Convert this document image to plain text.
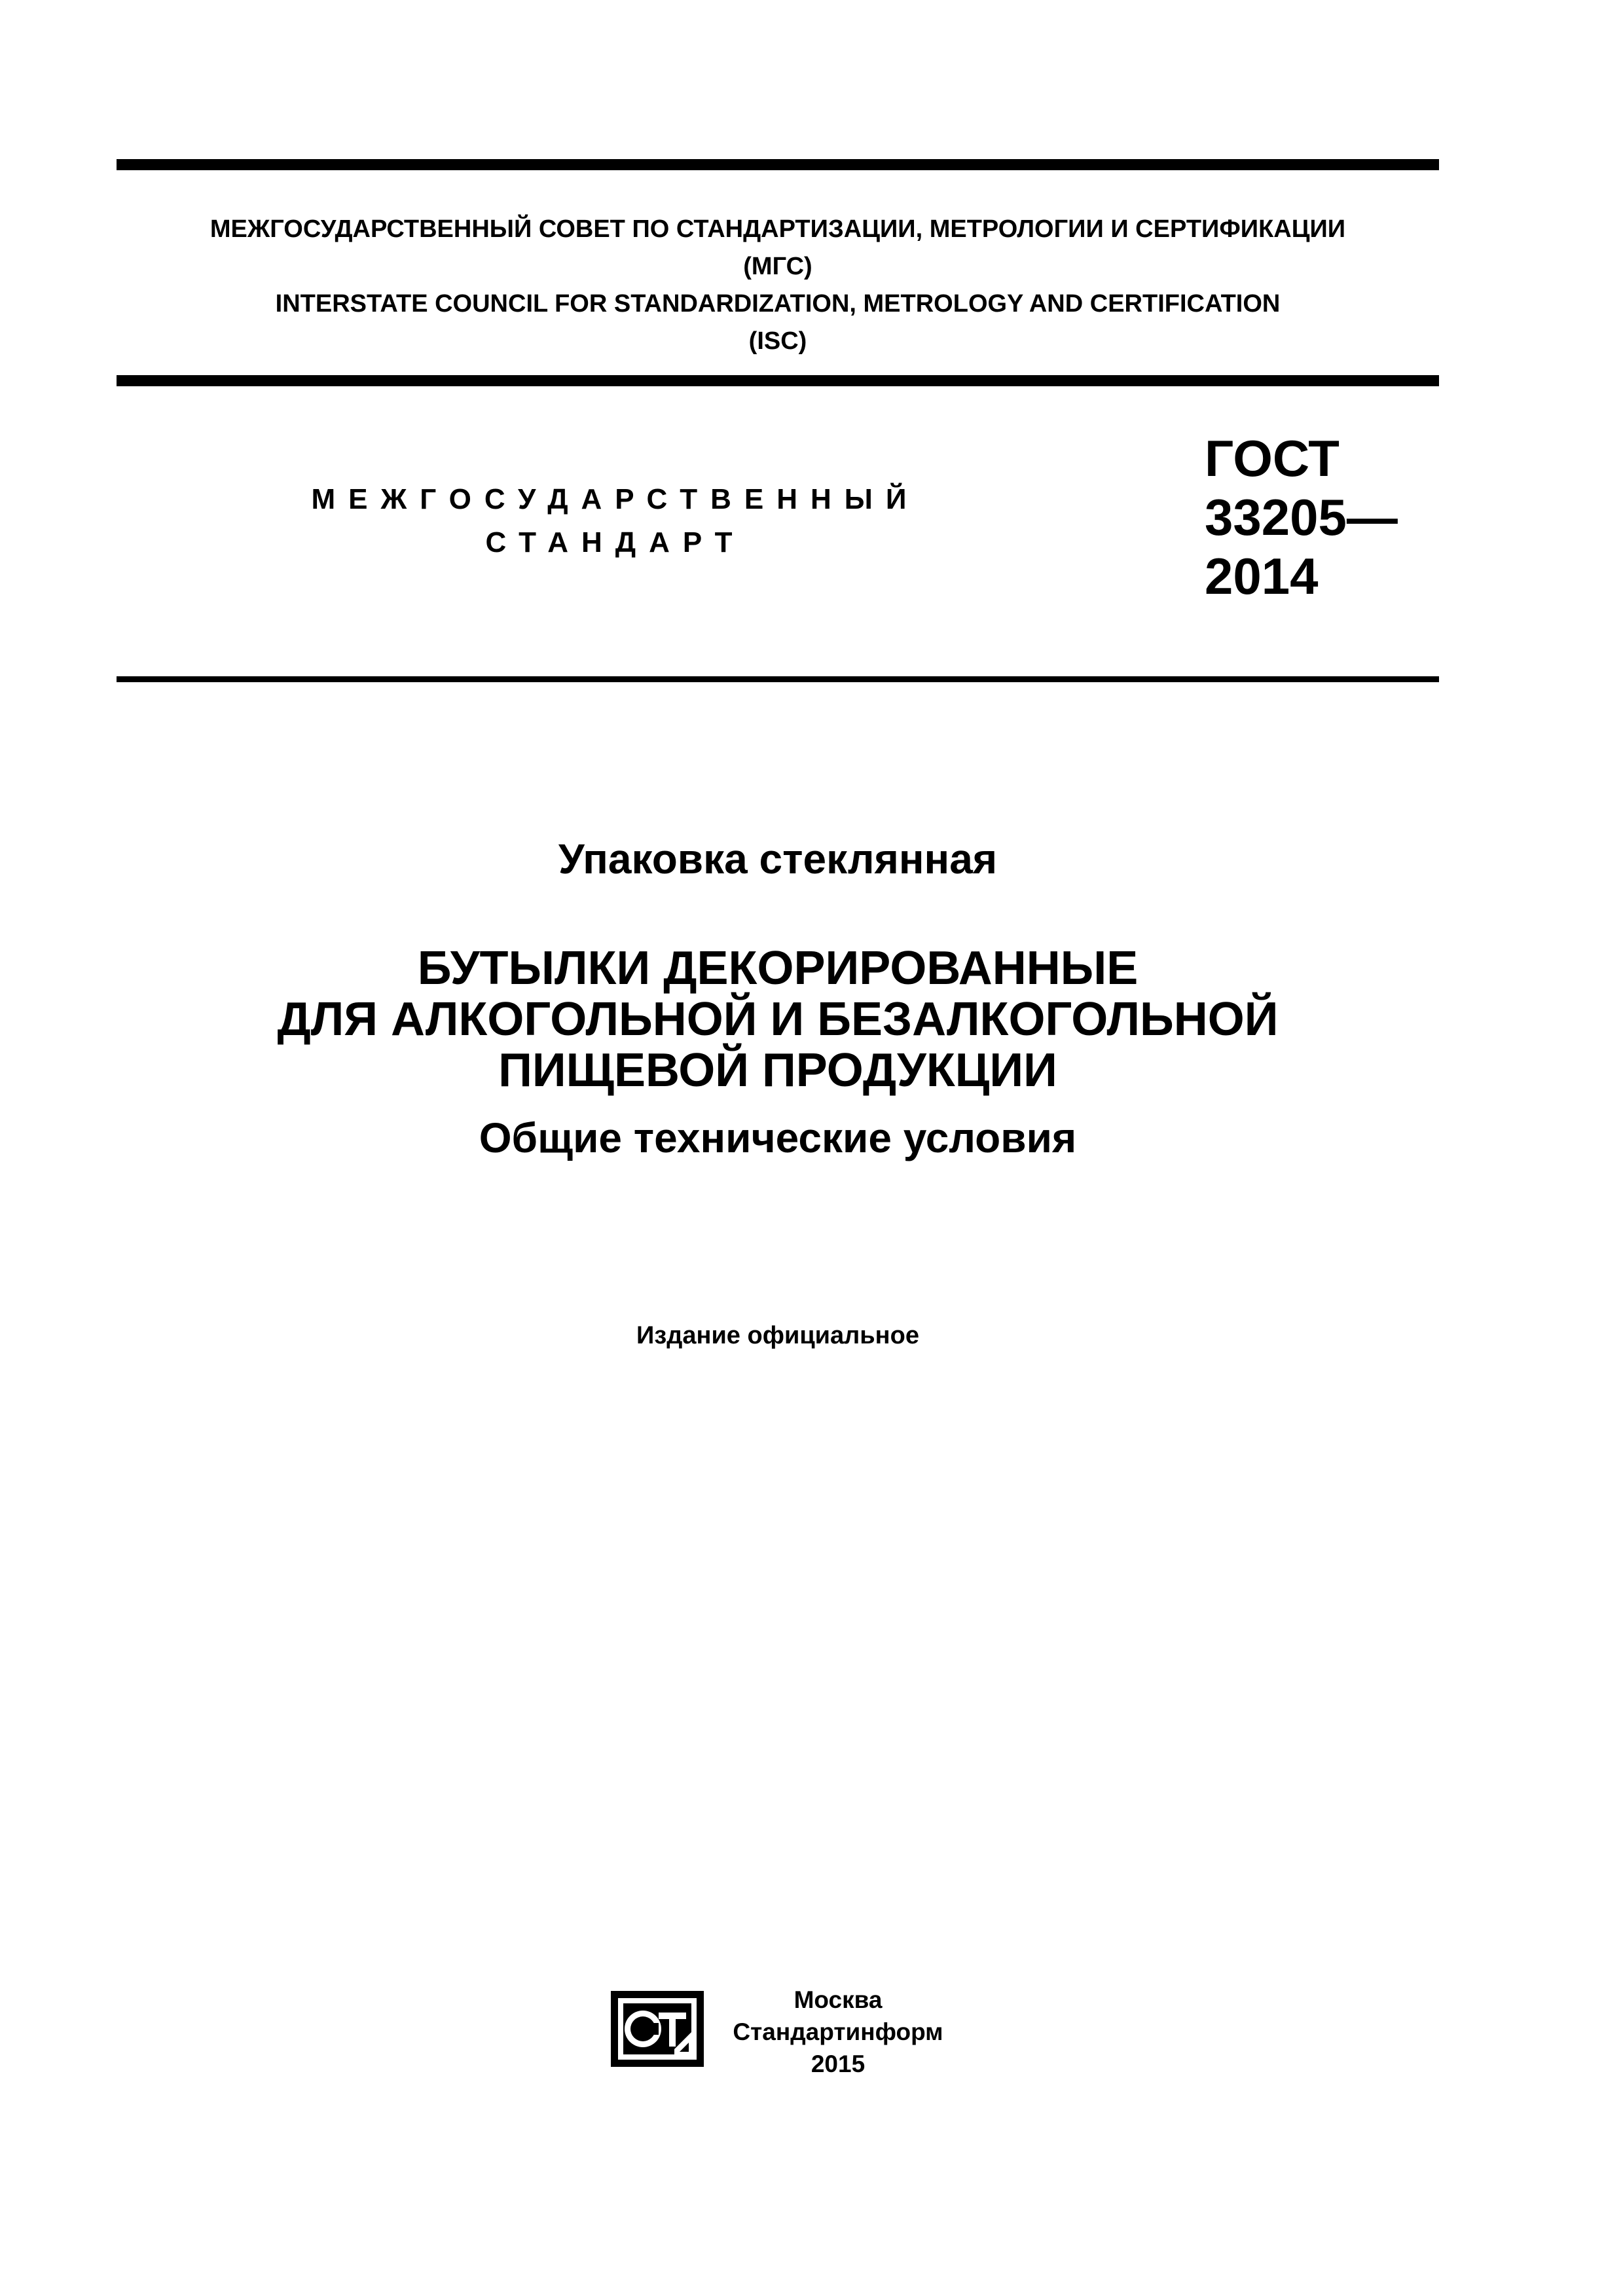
МЕЖГОСУДАРСТВЕННЫЙ СОВЕТ ПО СТАНДАРТИЗАЦИИ, МЕТРОЛОГИИ И СЕРТИФИКАЦИИ
(МГС)
INTERSTATE COUNCIL FOR STANDARDIZATION, METROLOGY AND CERTIFICATION
(ISC)
МЕЖГОСУДАРСТВЕННЫЙ
СТАНДАРТ
ГОСТ
33205—
2014
Упаковка стеклянная
БУТЫЛКИ ДЕКОРИРОВАННЫЕ
ДЛЯ АЛКОГОЛЬНОЙ И БЕЗАЛКОГОЛЬНОЙ
ПИЩЕВОЙ ПРОДУКЦИИ
Общие технические условия
Издание официальное
Москва
Стандартинформ
2015
